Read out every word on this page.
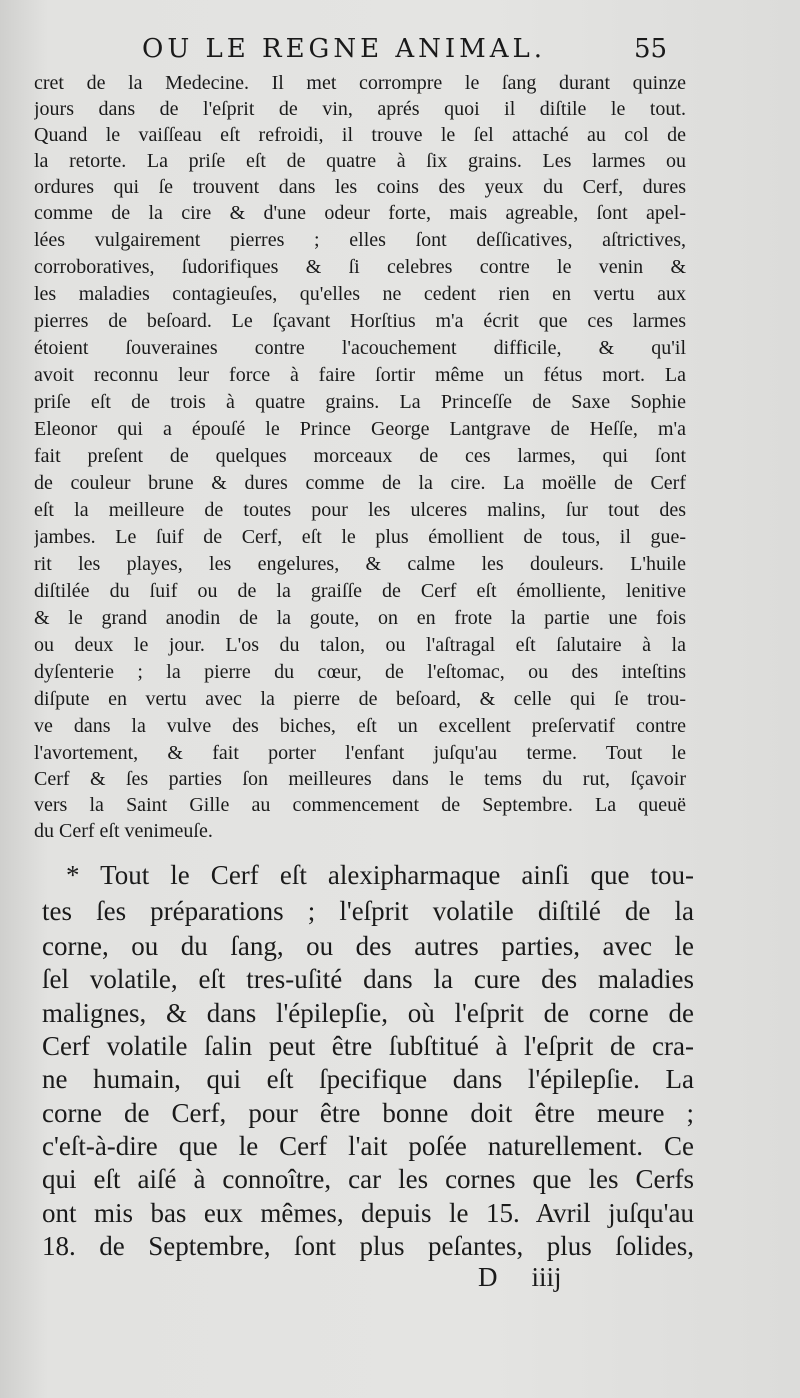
OU LE REGNE ANIMAL.	55
cret de la Medecine. Il met corrompre le ſang durant quinze
jours dans de l'eſprit de vin, aprés quoi il diſtile le tout.
Quand le vaiſſeau eſt refroidi, il trouve le ſel attaché au col de
la retorte. La priſe eſt de quatre à ſix grains. Les larmes ou
ordures qui ſe trouvent dans les coins des yeux du Cerf, dures
comme de la cire & d'une odeur forte, mais agreable, ſont apel-
lées vulgairement pierres ; elles ſont deſſicatives, aſtrictives,
corroboratives, ſudorifiques & ſi celebres contre le venin &
les maladies contagieuſes, qu'elles ne cedent rien en vertu aux
pierres de beſoard. Le ſçavant Horſtius m'a écrit que ces larmes
étoient ſouveraines contre l'acouchement difficile, & qu'il
avoit reconnu leur force à faire ſortir même un fétus mort. La
priſe eſt de trois à quatre grains. La Princeſſe de Saxe Sophie
Eleonor qui a épouſé le Prince George Lantgrave de Heſſe, m'a
fait preſent de quelques morceaux de ces larmes, qui ſont
de couleur brune & dures comme de la cire. La moëlle de Cerf
eſt la meilleure de toutes pour les ulceres malins, ſur tout des
jambes. Le ſuif de Cerf, eſt le plus émollient de tous, il gue-
rit les playes, les engelures, & calme les douleurs. L'huile
diſtilée du ſuif ou de la graiſſe de Cerf eſt émolliente, lenitive
& le grand anodin de la goute, on en frote la partie une fois
ou deux le jour. L'os du talon, ou l'aſtragal eſt ſalutaire à la
dyſenterie ; la pierre du cœur, de l'eſtomac, ou des inteſtins
diſpute en vertu avec la pierre de beſoard, & celle qui ſe trou-
ve dans la vulve des biches, eſt un excellent preſervatif contre
l'avortement, & fait porter l'enfant juſqu'au terme. Tout le
Cerf & ſes parties ſon meilleures dans le tems du rut, ſçavoir
vers la Saint Gille au commencement de Septembre. La queuë
du Cerf eſt venimeuſe.
* Tout le Cerf eſt alexipharmaque ainſi que tou-
tes ſes préparations ; l'eſprit volatile diſtilé de la
corne, ou du ſang, ou des autres parties, avec le
ſel volatile, eſt tres-uſité dans la cure des maladies
malignes, & dans l'épilepſie, où l'eſprit de corne de
Cerf volatile ſalin peut être ſubſtitué à l'eſprit de cra-
ne humain, qui eſt ſpecifique dans l'épilepſie. La
corne de Cerf, pour être bonne doit être meure ;
c'eſt-à-dire que le Cerf l'ait poſée naturellement. Ce
qui eſt aiſé à connoître, car les cornes que les Cerfs
ont mis bas eux mêmes, depuis le 15. Avril juſqu'au
18. de Septembre, ſont plus peſantes, plus ſolides,
D iiij
